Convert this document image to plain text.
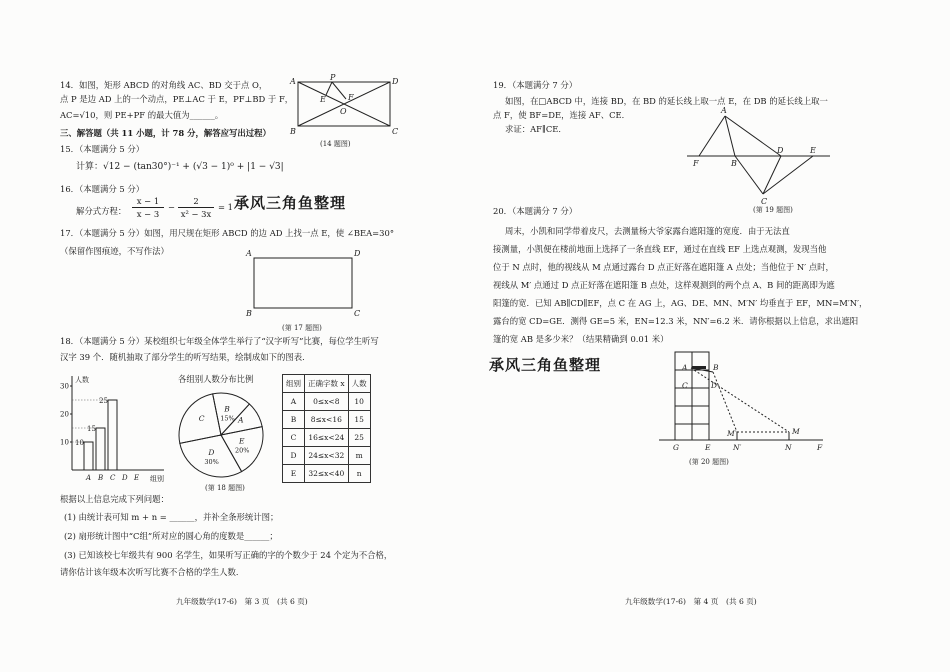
14．如图，矩形 ABCD 的对角线 AC、BD 交于点 O，
点 P 是边 AD 上的一个动点，PE⊥AC 于 E，PF⊥BD 于 F，
AC=√10，则 PE+PF 的最大值为______。
A	P	D
B	C
E	F
O
(14 题图)
三、解答题（共 11 小题，计 78 分，解答应写出过程）
15．（本题满分 5 分）
计算：√12 − (tan30°)⁻¹ + (√3 − 1)⁰ + |1 − √3|
16．（本题满分 5 分）
解分式方程：
x − 1
x − 3
−
2
x² − 3x
= 1 承风三角鱼整理
17．（本题满分 5 分）如图，用尺规在矩形 ABCD 的边 AD 上找一点 E，使 ∠BEA=30°
（保留作图痕迹，不写作法）	A	D
B	C
(第 17 题图)
18．（本题满分 5 分）某校组织七年级全体学生举行了“汉字听写”比赛，每位学生听写
汉字 39 个．随机抽取了部分学生的听写结果，绘制成如下的图表．
人数
组别
10
20
30
10
A
15
B
25
C D E
各组别人数分布比例
B
15% A
E
20%
D
30%
C
(第 18 题图)
组别	正确字数 x	人数
A	0≤x<8	10
B	8≤x<16	15
C	16≤x<24	25
D	24≤x<32	m
E	32≤x<40	n
根据以上信息完成下列问题：
(1) 由统计表可知 m + n = ______，并补全条形统计图；
(2) 扇形统计图中“C组”所对应的圆心角的度数是______；
(3) 已知该校七年级共有 900 名学生，如果听写正确的字的个数少于 24 个定为不合格，
请你估计该年级本次听写比赛不合格的学生人数．
九年级数学(17-6)　第 3 页　(共 6 页)
19．（本题满分 7 分）
如图，在□ABCD 中，连接 BD，在 BD 的延长线上取一点 E，在 DB 的延长线上取一
点 F，使 BF=DE，连接 AF、CE．
求证：AF∥CE．
A
F	B
D	E
C
(第 19 题图)
20．（本题满分 7 分）
周末，小凯和同学带着皮尺，去测量杨大爷家露台遮阳篷的宽度．由于无法直
接测量，小凯便在楼前地面上选择了一条直线 EF，通过在直线 EF 上选点观测，发现当他
位于 N 点时，他的视线从 M 点通过露台 D 点正好落在遮阳篷 A 点处；当他位于 N′ 点时，
视线从 M′ 点通过 D 点正好落在遮阳篷 B 点处，这样观测到的两个点 A、B 间的距离即为遮
阳篷的宽．已知 AB∥CD∥EF，点 C 在 AG 上，AG、DE、MN、M′N′ 均垂直于 EF，MN=M′N′，
露台的宽 CD=GE．测得 GE=5 米，EN=12.3 米，NN′=6.2 米．请你根据以上信息，求出遮阳
篷的宽 AB 是多少米？（结果精确到 0.01 米）
承风三角鱼整理	A	B
C	D
G	E	N′	N	F
M′	M
(第 20 题图)
九年级数学(17-6)　第 4 页　(共 6 页)
